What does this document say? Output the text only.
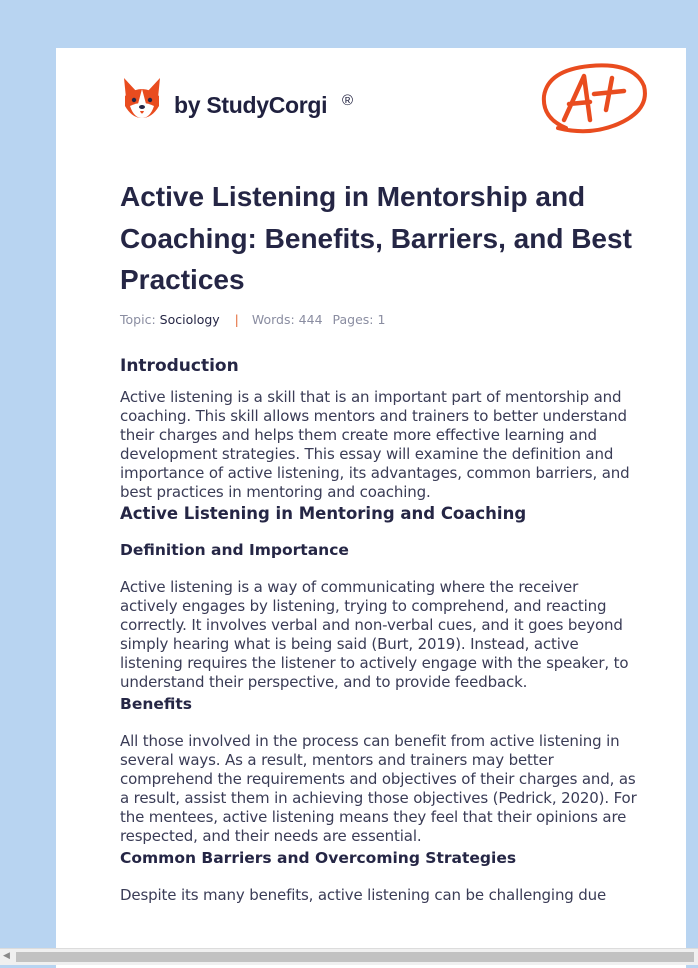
by StudyCorgi ®
A+
Active Listening in Mentorship and Coaching: Benefits, Barriers, and Best Practices
Topic: Sociology | Words: 444 Pages: 1
Introduction

Active listening is a skill that is an important part of mentorship and coaching. This skill allows mentors and trainers to better understand their charges and helps them create more effective learning and development strategies. This essay will examine the definition and importance of active listening, its advantages, common barriers, and best practices in mentoring and coaching.

Active Listening in Mentoring and Coaching
Definition and Importance

Active listening is a way of communicating where the receiver actively engages by listening, trying to comprehend, and reacting correctly. It involves verbal and non-verbal cues, and it goes beyond simply hearing what is being said (Burt, 2019). Instead, active listening requires the listener to actively engage with the speaker, to understand their perspective, and to provide feedback.

Benefits

All those involved in the process can benefit from active listening in several ways. As a result, mentors and trainers may better comprehend the requirements and objectives of their charges and, as a result, assist them in achieving those objectives (Pedrick, 2020). For the mentees, active listening means they feel that their opinions are respected, and their needs are essential.

Common Barriers and Overcoming Strategies

Despite its many benefits, active listening can be challenging due

◀
